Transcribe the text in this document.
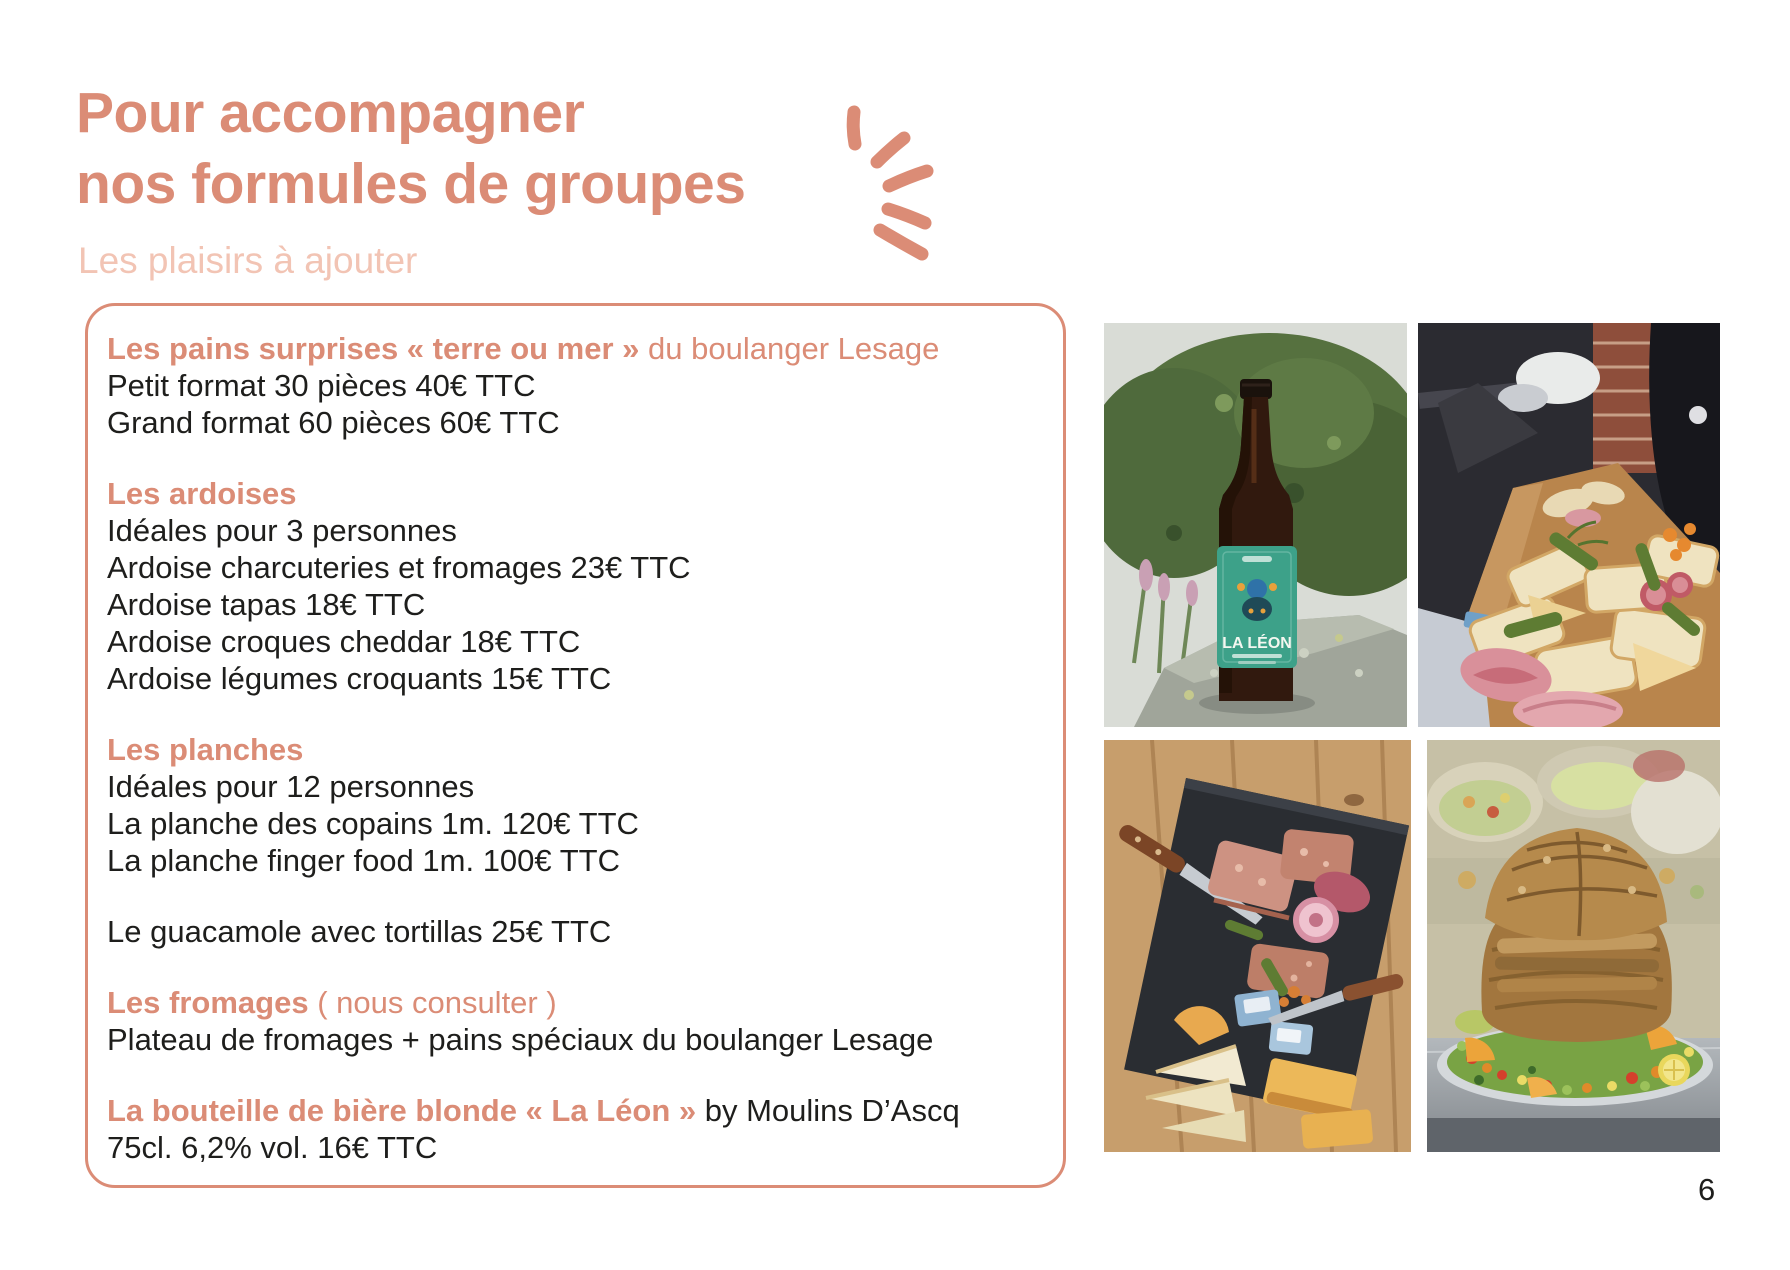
Pour accompagner
nos formules de groupes
Les plaisirs à ajouter
Les pains surprises « terre ou mer » du boulanger Lesage
Petit format 30 pièces 40€ TTC
Grand format 60 pièces 60€ TTC
Les ardoises
Idéales pour 3 personnes
Ardoise charcuteries et fromages 23€ TTC
Ardoise tapas 18€ TTC
Ardoise croques cheddar 18€ TTC
Ardoise légumes croquants 15€ TTC
Les planches
Idéales pour 12 personnes
La planche des copains 1m. 120€ TTC
La planche finger food 1m. 100€ TTC
Le guacamole avec tortillas 25€ TTC
Les fromages ( nous consulter )
Plateau de fromages + pains spéciaux du boulanger Lesage
La bouteille de bière blonde « La Léon » by Moulins D’Ascq
75cl. 6,2% vol. 16€ TTC
LA LÉON
6
